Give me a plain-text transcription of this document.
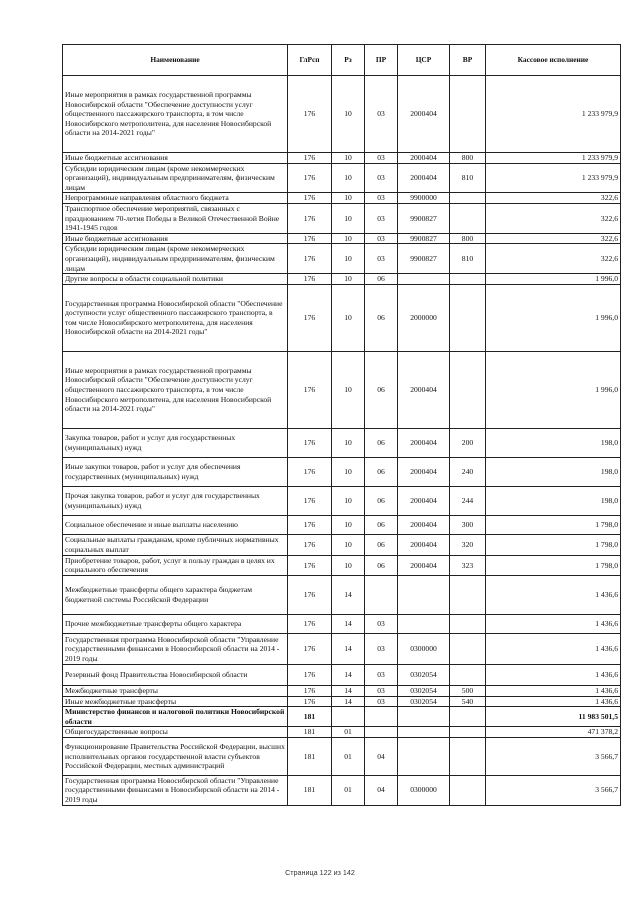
Наименование	ГлРсп	Рз	ПР	ЦСР	ВР	Кассовое исполнение
Иные мероприятия в рамках государственной программы Новосибирской области "Обеспечение доступности услуг общественного пассажирского транспорта, в том числе Новосибирского метрополитена, для населения Новосибирской области на 2014-2021 годы"	176	10	03	2000404		1 233 979,9
Иные бюджетные ассигнования	176	10	03	2000404	800	1 233 979,9
Субсидии юридическим лицам (кроме некоммерческих организаций), индивидуальным предпринимателям, физическим лицам	176	10	03	2000404	810	1 233 979,9
Непрограммные направления областного бюджета	176	10	03	9900000		322,6
Транспортное обеспечение мероприятий, связанных с празднованием 70-летия Победы в Великой Отечественной Войне 1941-1945 годов	176	10	03	9900827		322,6
Иные бюджетные ассигнования	176	10	03	9900827	800	322,6
Субсидии юридическим лицам (кроме некоммерческих организаций), индивидуальным предпринимателям, физическим лицам	176	10	03	9900827	810	322,6
Другие вопросы в области социальной политики	176	10	06			1 996,0
Государственная программа Новосибирской области "Обеспечение доступности услуг общественного пассажирского транспорта, в том числе Новосибирского метрополитена, для населения Новосибирской области на 2014-2021 годы"	176	10	06	2000000		1 996,0
Иные мероприятия в рамках государственной программы Новосибирской области "Обеспечение доступности услуг общественного пассажирского транспорта, в том числе Новосибирского метрополитена, для населения Новосибирской области на 2014-2021 годы"	176	10	06	2000404		1 996,0
Закупка товаров, работ и услуг для государственных (муниципальных) нужд	176	10	06	2000404	200	198,0
Иные закупки товаров, работ и услуг для обеспечения государственных (муниципальных) нужд	176	10	06	2000404	240	198,0
Прочая закупка товаров, работ и услуг для государственных (муниципальных) нужд	176	10	06	2000404	244	198,0
Социальное обеспечение и иные выплаты населению	176	10	06	2000404	300	1 798,0
Социальные выплаты гражданам, кроме публичных нормативных социальных выплат	176	10	06	2000404	320	1 798,0
Приобретение товаров, работ, услуг в пользу граждан в целях их социального обеспечения	176	10	06	2000404	323	1 798,0
Межбюджетные трансферты общего характера бюджетам бюджетной системы Российской Федерации	176	14				1 436,6
Прочие межбюджетные трансферты общего характера	176	14	03			1 436,6
Государственная программа Новосибирской области "Управление государственными финансами в Новосибирской области на 2014 - 2019 годы	176	14	03	0300000		1 436,6
Резервный фонд Правительства Новосибирской области	176	14	03	0302054		1 436,6
Межбюджетные трансферты	176	14	03	0302054	500	1 436,6
Иные межбюджетные трансферты	176	14	03	0302054	540	1 436,6
Министерство финансов и налоговой политики Новосибирской области	181					11 983 501,5
Общегосударственные вопросы	181	01				471 378,2
Функционирование Правительства Российской Федерации, высших исполнительных органов государственной власти субъектов Российской Федерации, местных администраций	181	01	04			3 566,7
Государственная программа Новосибирской области "Управление государственными финансами в Новосибирской области на 2014 - 2019 годы	181	01	04	0300000		3 566,7
Страница 122 из 142
